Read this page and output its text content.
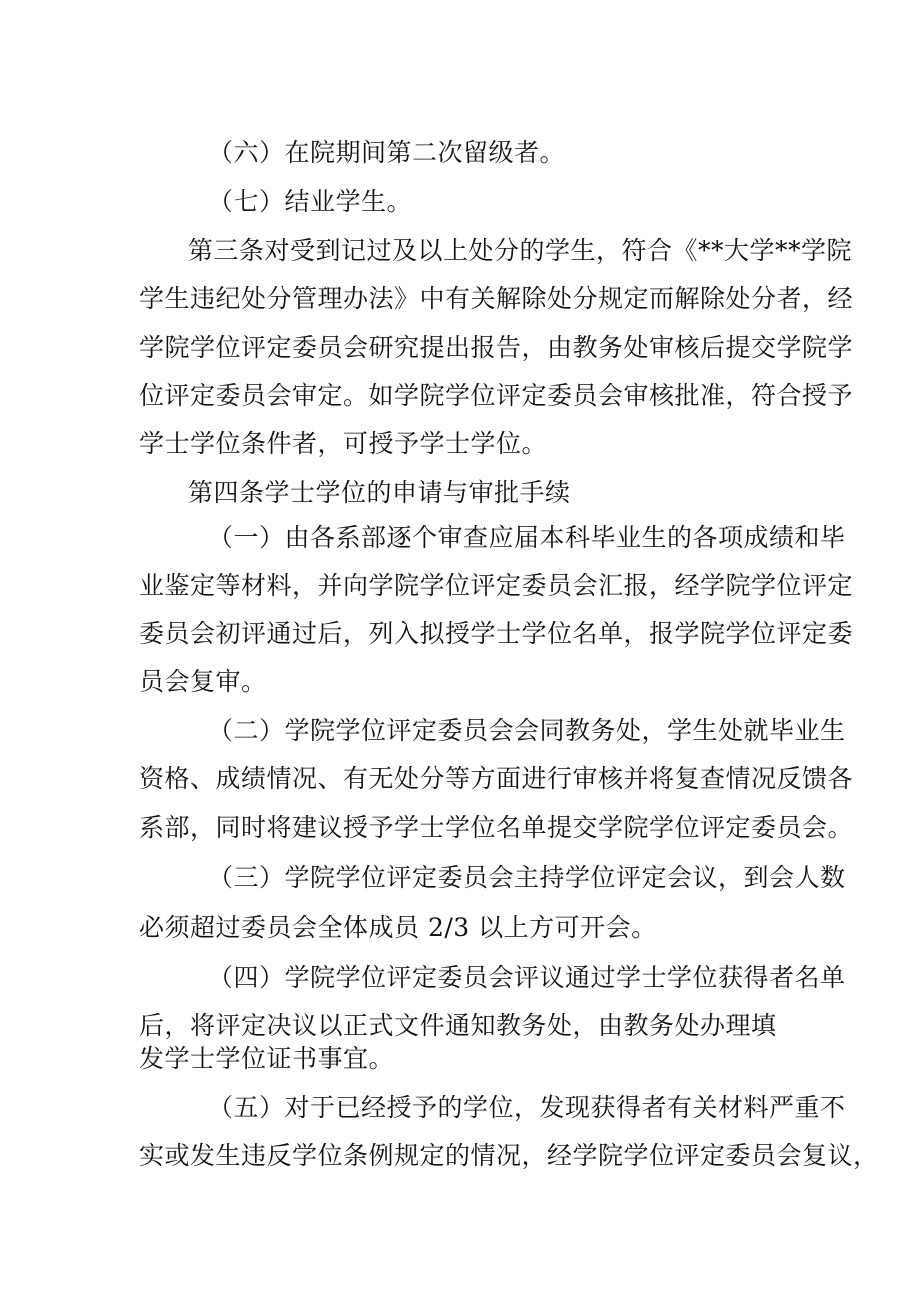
（六）在院期间第二次留级者。
（七）结业学生。
第三条对受到记过及以上处分的学生，符合《**大学**学院
学生违纪处分管理办法》中有关解除处分规定而解除处分者，经
学院学位评定委员会研究提出报告，由教务处审核后提交学院学
位评定委员会审定。如学院学位评定委员会审核批准，符合授予
学士学位条件者，可授予学士学位。
第四条学士学位的申请与审批手续
（一）由各系部逐个审查应届本科毕业生的各项成绩和毕
业鉴定等材料，并向学院学位评定委员会汇报，经学院学位评定
委员会初评通过后，列入拟授学士学位名单，报学院学位评定委
员会复审。
（二）学院学位评定委员会会同教务处，学生处就毕业生
资格、成绩情况、有无处分等方面进行审核并将复查情况反馈各
系部，同时将建议授予学士学位名单提交学院学位评定委员会。
（三）学院学位评定委员会主持学位评定会议，到会人数
必须超过委员会全体成员 2/3 以上方可开会。
（四）学院学位评定委员会评议通过学士学位获得者名单
后，将评定决议以正式文件通知教务处，由教务处办理填
发学士学位证书事宜。
（五）对于已经授予的学位，发现获得者有关材料严重不
实或发生违反学位条例规定的情况，经学院学位评定委员会复议，
